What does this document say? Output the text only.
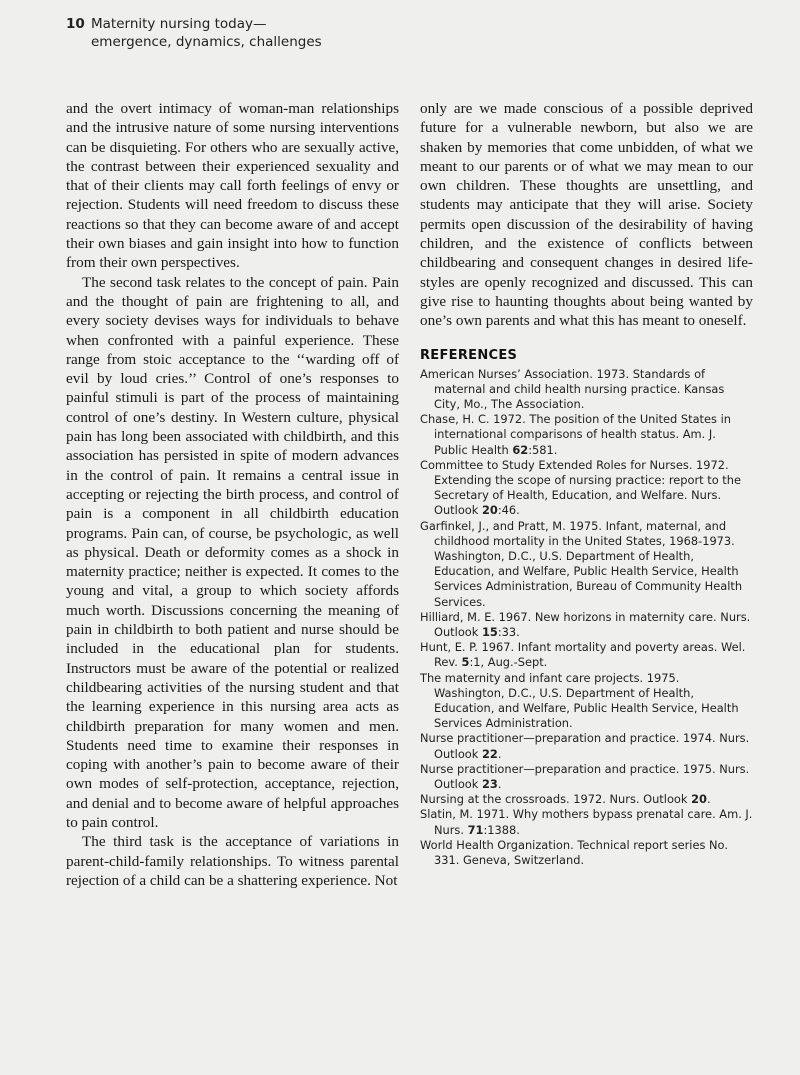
10 Maternity nursing today—
emergence, dynamics, challenges

and the overt intimacy of woman-man relationships and the intrusive nature of some nursing interventions can be disquieting. For others who are sexually active, the contrast between their experienced sexuality and that of their clients may call forth feelings of envy or rejection. Students will need freedom to discuss these reactions so that they can become aware of and accept their own biases and gain insight into how to function from their own perspectives.

The second task relates to the concept of pain. Pain and the thought of pain are frightening to all, and every society devises ways for individuals to behave when confronted with a painful experience. These range from stoic acceptance to the ‘‘warding off of evil by loud cries.’’ Control of one’s responses to painful stimuli is part of the process of maintaining control of one’s destiny. In Western culture, physical pain has long been associated with childbirth, and this association has persisted in spite of modern advances in the control of pain. It remains a central issue in accepting or rejecting the birth process, and control of pain is a component in all childbirth education programs. Pain can, of course, be psychologic, as well as physical. Death or deformity comes as a shock in maternity practice; neither is expected. It comes to the young and vital, a group to which society affords much worth. Discussions concerning the meaning of pain in childbirth to both patient and nurse should be included in the educational plan for students. Instructors must be aware of the potential or realized childbearing activities of the nursing student and that the learning experience in this nursing area acts as childbirth preparation for many women and men. Students need time to examine their responses in coping with another’s pain to become aware of their own modes of self-protection, acceptance, rejection, and denial and to become aware of helpful approaches to pain control.

The third task is the acceptance of variations in parent-child-family relationships. To witness parental rejection of a child can be a shattering experience. Not

only are we made conscious of a possible deprived future for a vulnerable newborn, but also we are shaken by memories that come unbidden, of what we meant to our parents or of what we may mean to our own children. These thoughts are unsettling, and students may anticipate that they will arise. Society permits open discussion of the desirability of having children, and the existence of conflicts between childbearing and consequent changes in desired life-styles are openly recognized and discussed. This can give rise to haunting thoughts about being wanted by one’s own parents and what this has meant to oneself.

REFERENCES
American Nurses’ Association. 1973. Standards of maternal and child health nursing practice. Kansas City, Mo., The Association.
Chase, H. C. 1972. The position of the United States in international comparisons of health status. Am. J. Public Health 62:581.
Committee to Study Extended Roles for Nurses. 1972. Extending the scope of nursing practice: report to the Secretary of Health, Education, and Welfare. Nurs. Outlook 20:46.
Garfinkel, J., and Pratt, M. 1975. Infant, maternal, and childhood mortality in the United States, 1968-1973. Washington, D.C., U.S. Department of Health, Education, and Welfare, Public Health Service, Health Services Administration, Bureau of Community Health Services.
Hilliard, M. E. 1967. New horizons in maternity care. Nurs. Outlook 15:33.
Hunt, E. P. 1967. Infant mortality and poverty areas. Wel. Rev. 5:1, Aug.-Sept.
The maternity and infant care projects. 1975. Washington, D.C., U.S. Department of Health, Education, and Welfare, Public Health Service, Health Services Administration.
Nurse practitioner—preparation and practice. 1974. Nurs. Outlook 22.
Nurse practitioner—preparation and practice. 1975. Nurs. Outlook 23.
Nursing at the crossroads. 1972. Nurs. Outlook 20.
Slatin, M. 1971. Why mothers bypass prenatal care. Am. J. Nurs. 71:1388.
World Health Organization. Technical report series No. 331. Geneva, Switzerland.
